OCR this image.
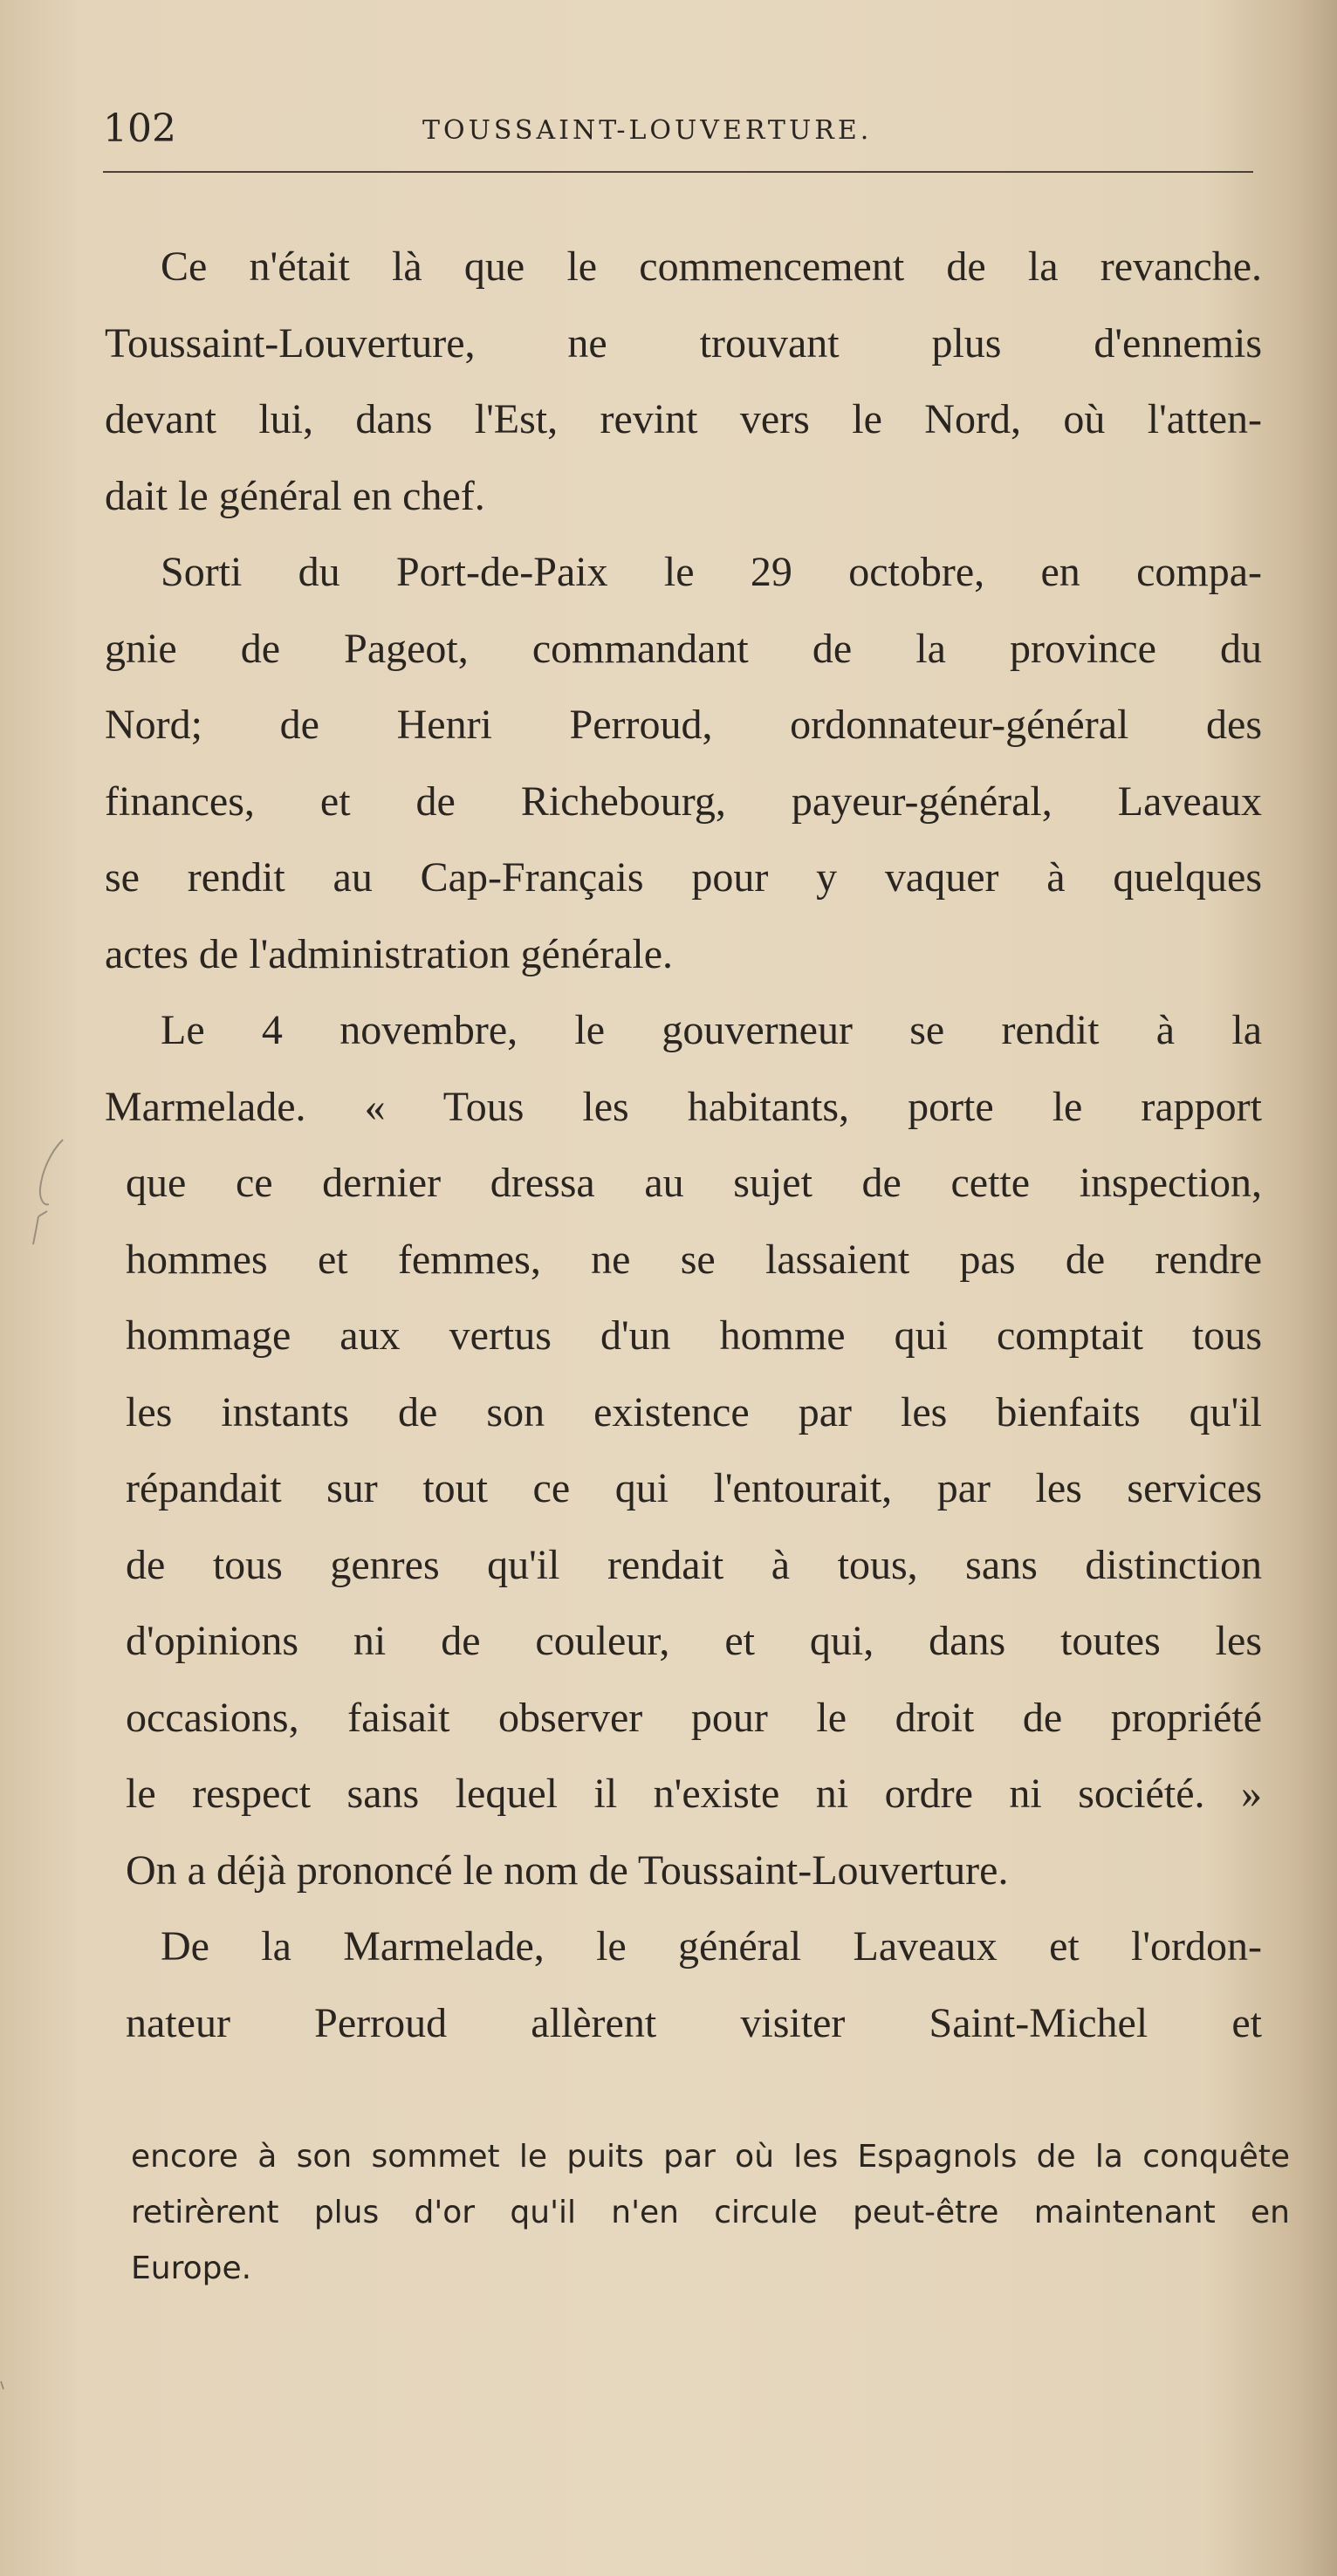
102	TOUSSAINT-LOUVERTURE.
Ce n'était là que le commencement de la revanche.
Toussaint-Louverture, ne trouvant plus d'ennemis
devant lui, dans l'Est, revint vers le Nord, où l'atten-
dait le général en chef.
Sorti du Port-de-Paix le 29 octobre, en compa-
gnie de Pageot, commandant de la province du
Nord; de Henri Perroud, ordonnateur-général des
finances, et de Richebourg, payeur-général, Laveaux
se rendit au Cap-Français pour y vaquer à quelques
actes de l'administration générale.
Le 4 novembre, le gouverneur se rendit à la
Marmelade. « Tous les habitants, porte le rapport
que ce dernier dressa au sujet de cette inspection,
hommes et femmes, ne se lassaient pas de rendre
hommage aux vertus d'un homme qui comptait tous
les instants de son existence par les bienfaits qu'il
répandait sur tout ce qui l'entourait, par les services
de tous genres qu'il rendait à tous, sans distinction
d'opinions ni de couleur, et qui, dans toutes les
occasions, faisait observer pour le droit de propriété
le respect sans lequel il n'existe ni ordre ni société. »
On a déjà prononcé le nom de Toussaint-Louverture.
De la Marmelade, le général Laveaux et l'ordon-
nateur Perroud allèrent visiter Saint-Michel et
encore à son sommet le puits par où les Espagnols de la conquête
retirèrent plus d'or qu'il n'en circule peut-être maintenant en
Europe.
